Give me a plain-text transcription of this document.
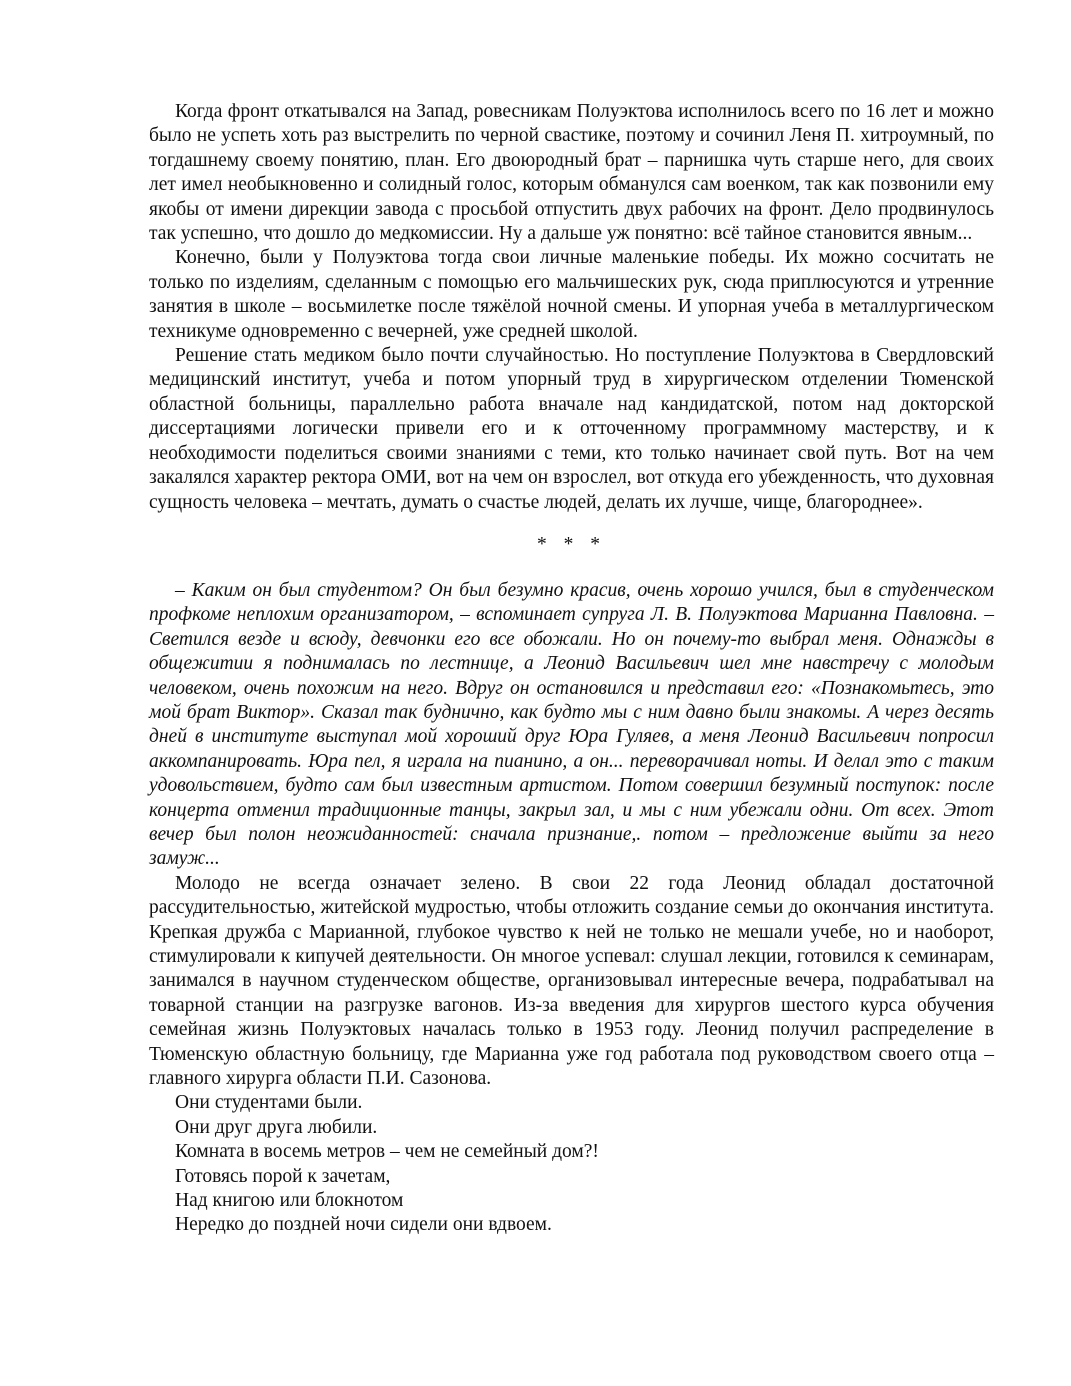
Когда фронт откатывался на Запад, ровесникам Полуэктова исполнилось всего по 16 лет и можно было не успеть хоть раз выстрелить по черной свастике, поэтому и сочинил Леня П. хитроумный, по тогдашнему своему понятию, план. Его двоюродный брат – парнишка чуть старше него, для своих лет имел необыкновенно и солидный голос, которым обманулся сам военком, так как позвонили ему якобы от имени дирекции завода с просьбой отпустить двух рабочих на фронт. Дело продвинулось так успешно, что дошло до медкомиссии. Ну а дальше уж понятно: всё тайное становится явным...

Конечно, были у Полуэктова тогда свои личные маленькие победы. Их можно сосчитать не только по изделиям, сделанным с помощью его мальчишеских рук, сюда приплюсуются и утренние занятия в школе – восьмилетке после тяжёлой ночной смены. И упорная учеба в металлургическом техникуме одновременно с вечерней, уже средней школой.

Решение стать медиком было почти случайностью. Но поступление Полуэктова в Свердловский медицинский институт, учеба и потом упорный труд в хирургическом отделении Тюменской областной больницы, параллельно работа вначале над кандидатской, потом над докторской диссертациями логически привели его и к отточенному программному мастерству, и к необходимости поделиться своими знаниями с теми, кто только начинает свой путь. Вот на чем закалялся характер ректора ОМИ, вот на чем он взрослел, вот откуда его убежденность, что духовная сущность человека – мечтать, думать о счастье людей, делать их лучше, чище, благороднее».

* * *

– Каким он был студентом? Он был безумно красив, очень хорошо учился, был в студенческом профкоме неплохим организатором, – вспоминает супруга Л. В. Полуэктова Марианна Павловна. – Светился везде и всюду, девчонки его все обожали. Но он почему-то выбрал меня. Однажды в общежитии я поднималась по лестнице, а Леонид Васильевич шел мне навстречу с молодым человеком, очень похожим на него. Вдруг он остановился и представил его: «Познакомьтесь, это мой брат Виктор». Сказал так буднично, как будто мы с ним давно были знакомы. А через десять дней в институте выступал мой хороший друг Юра Гуляев, а меня Леонид Васильевич попросил аккомпанировать. Юра пел, я играла на пианино, а он... переворачивал ноты. И делал это с таким удовольствием, будто сам был известным артистом. Потом совершил безумный поступок: после концерта отменил традиционные танцы, закрыл зал, и мы с ним убежали одни. От всех. Этот вечер был полон неожиданностей: сначала признание,. потом – предложение выйти за него замуж...

Молодо не всегда означает зелено. В свои 22 года Леонид обладал достаточной рассудительностью, житейской мудростью, чтобы отложить создание семьи до окончания института. Крепкая дружба с Марианной, глубокое чувство к ней не только не мешали учебе, но и наоборот, стимулировали к кипучей деятельности. Он многое успевал: слушал лекции, готовился к семинарам, занимался в научном студенческом обществе, организовывал интересные вечера, подрабатывал на товарной станции на разгрузке вагонов. Из-за введения для хирургов шестого курса обучения семейная жизнь Полуэктовых началась только в 1953 году. Леонид получил распределение в Тюменскую областную больницу, где Марианна уже год работала под руководством своего отца – главного хирурга области П.И. Сазонова.

Они студентами были.
Они друг друга любили.
Комната в восемь метров – чем не семейный дом?!
Готовясь порой к зачетам,
Над книгою или блокнотом
Нередко до поздней ночи сидели они вдвоем.
